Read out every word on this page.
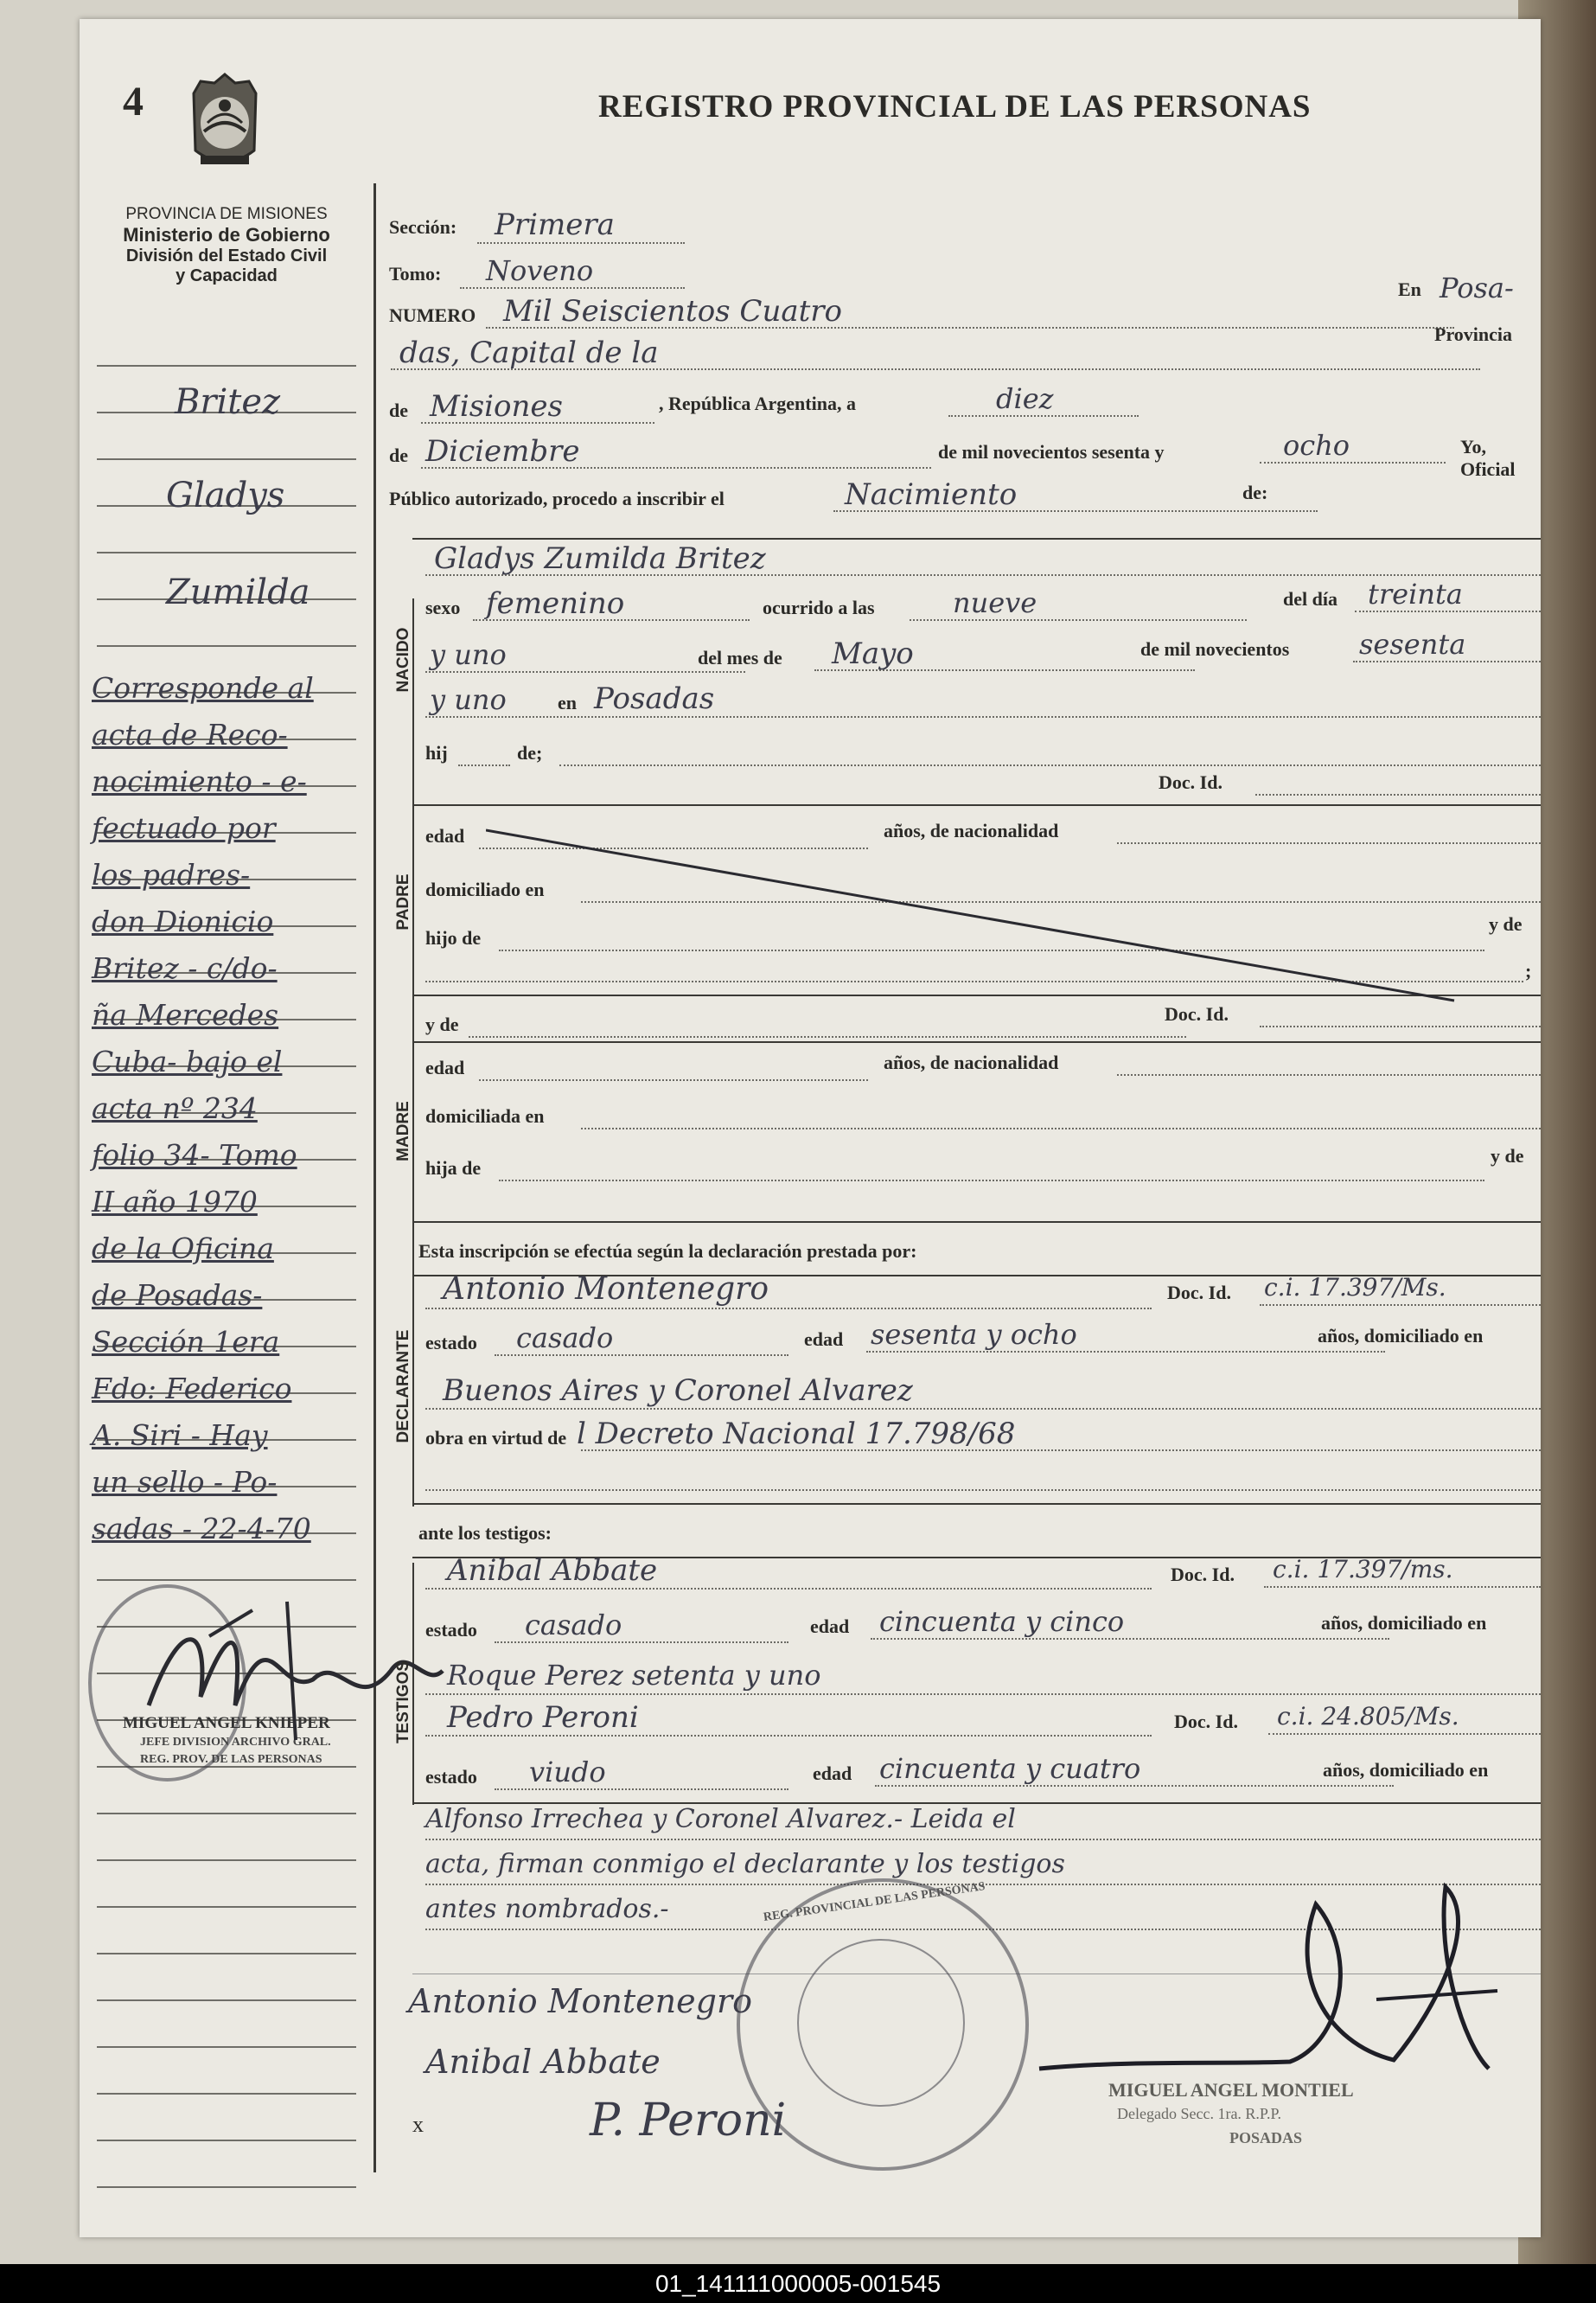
4	REGISTRO PROVINCIAL DE LAS PERSONAS
PROVINCIA DE MISIONES
Ministerio de Gobierno
División del Estado Civil
y Capacidad
Britez
Gladys
Zumilda
Corresponde al
acta de Reco-
nocimiento - e-
fectuado por
los padres-
don Dionicio
Britez - c/do-
ña Mercedes
Cuba- bajo el
acta nº 234
folio 34- Tomo
II año 1970
de la Oficina
de Posadas-
Sección 1era
Fdo: Federico
A. Siri - Hay
un sello - Po-
sadas - 22-4-70
MIGUEL ANGEL KNIEPER
JEFE DIVISION ARCHIVO GRAL.
REG. PROV. DE LAS PERSONAS
Sección: Primera
Tomo: Noveno
NUMERO Mil Seiscientos Cuatro
En Posa-
das, Capital de la
Provincia
de Misiones	, República Argentina, a	diez
de Diciembre	de mil novecientos sesenta y	ocho	Yo, Oficial
Público autorizado, procedo a inscribir el	Nacimiento	de:
NACIDO
Gladys Zumilda Britez
sexo femenino	ocurrido a las	nueve	del día treinta
y uno	del mes de Mayo	de mil novecientos	sesenta
y uno	en Posadas
hij	de;
Doc. Id.
PADRE
edad	años, de nacionalidad
domiciliado en
hijo de
y de
;
y de	Doc. Id.
MADRE
edad	años, de nacionalidad
domiciliada en
hija de
y de
Esta inscripción se efectúa según la declaración prestada por:
DECLARANTE
Antonio Montenegro	Doc. Id. c.i. 17.397/Ms.
estado casado	edad sesenta y ocho	años, domiciliado en
Buenos Aires y Coronel Alvarez
obra en virtud de l Decreto Nacional 17.798/68
ante los testigos:
TESTIGOS
Anibal Abbate	Doc. Id. c.i. 17.397/ms.
estado casado	edad cincuenta y cinco	años, domiciliado en
Roque Perez setenta y uno
Pedro Peroni	Doc. Id. c.i. 24.805/Ms.
estado viudo	edad cincuenta y cuatro	años, domiciliado en
Alfonso Irrechea y Coronel Alvarez.- Leida el
acta, firman conmigo el declarante y los testigos
antes nombrados.-
Antonio Montenegro
Anibal Abbate
x	P. Peroni
REG. PROVINCIAL DE LAS PERSONAS
MIGUEL ANGEL MONTIEL
Delegado Secc. 1ra. R.P.P.
POSADAS
01_141111000005-001545
